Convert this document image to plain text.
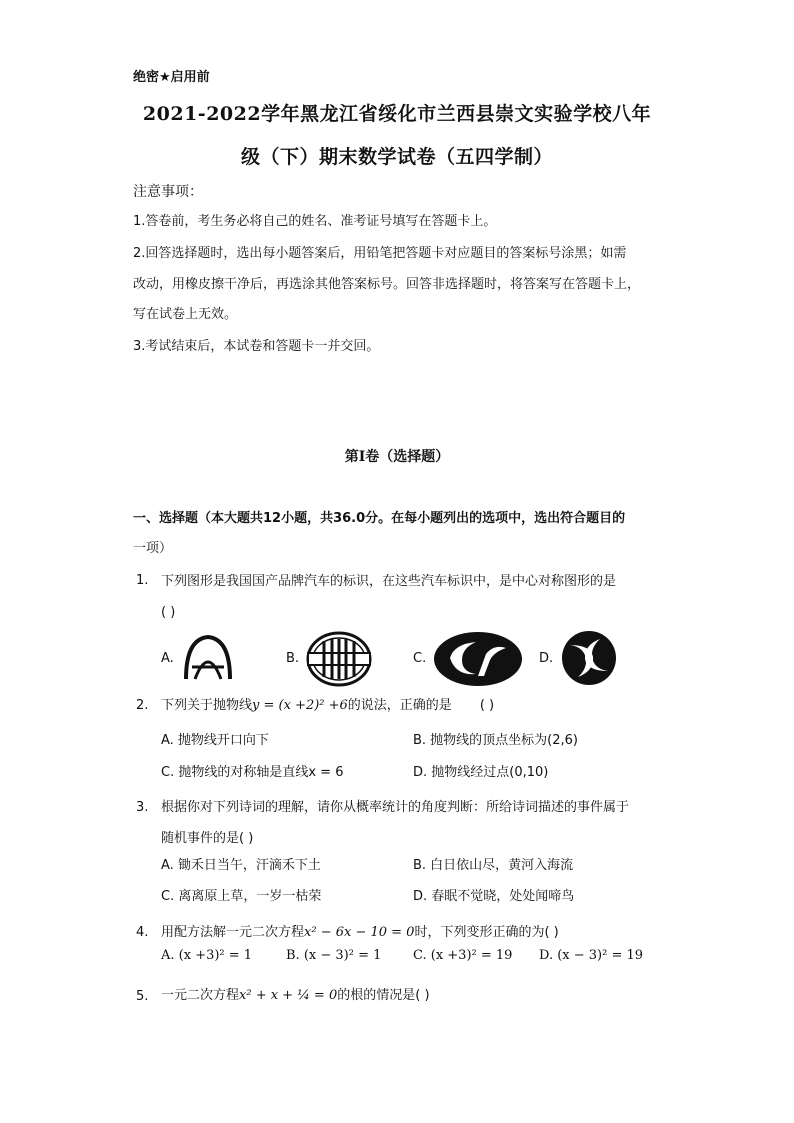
绝密★启用前
2021-2022学年黑龙江省绥化市兰西县崇文实验学校八年
级（下）期末数学试卷（五四学制）
注意事项：
1.答卷前，考生务必将自己的姓名、准考证号填写在答题卡上。
2.回答选择题时，选出每小题答案后，用铅笔把答题卡对应题目的答案标号涂黑；如需
改动，用橡皮擦干净后，再选涂其他答案标号。回答非选择题时，将答案写在答题卡上，
写在试卷上无效。
3.考试结束后，本试卷和答题卡一并交回。
第Ⅰ卷（选择题）
一、选择题（本大题共12小题，共36.0分。在每小题列出的选项中，选出符合题目的
一项）
1. 下列图形是我国国产品牌汽车的标识，在这些汽车标识中，是中心对称图形的是
( )
A.	B.	C.	D.
2. 下列关于抛物线y = (x +2)² +6的说法，正确的是 ( )
A. 抛物线开口向下	B. 抛物线的顶点坐标为(2,6)
C. 抛物线的对称轴是直线x = 6	D. 抛物线经过点(0,10)
3. 根据你对下列诗词的理解，请你从概率统计的角度判断：所给诗词描述的事件属于
随机事件的是( )
A. 锄禾日当午，汗滴禾下土	B. 白日依山尽，黄河入海流
C. 离离原上草，一岁一枯荣	D. 春眠不觉晓，处处闻啼鸟
4. 用配方法解一元二次方程x² − 6x − 10 = 0时，下列变形正确的为( )
A. (x +3)² = 1	B. (x − 3)² = 1 C. (x +3)² = 19 D. (x − 3)² = 19
5. 一元二次方程x² + x + ¼ = 0的根的情况是( )
